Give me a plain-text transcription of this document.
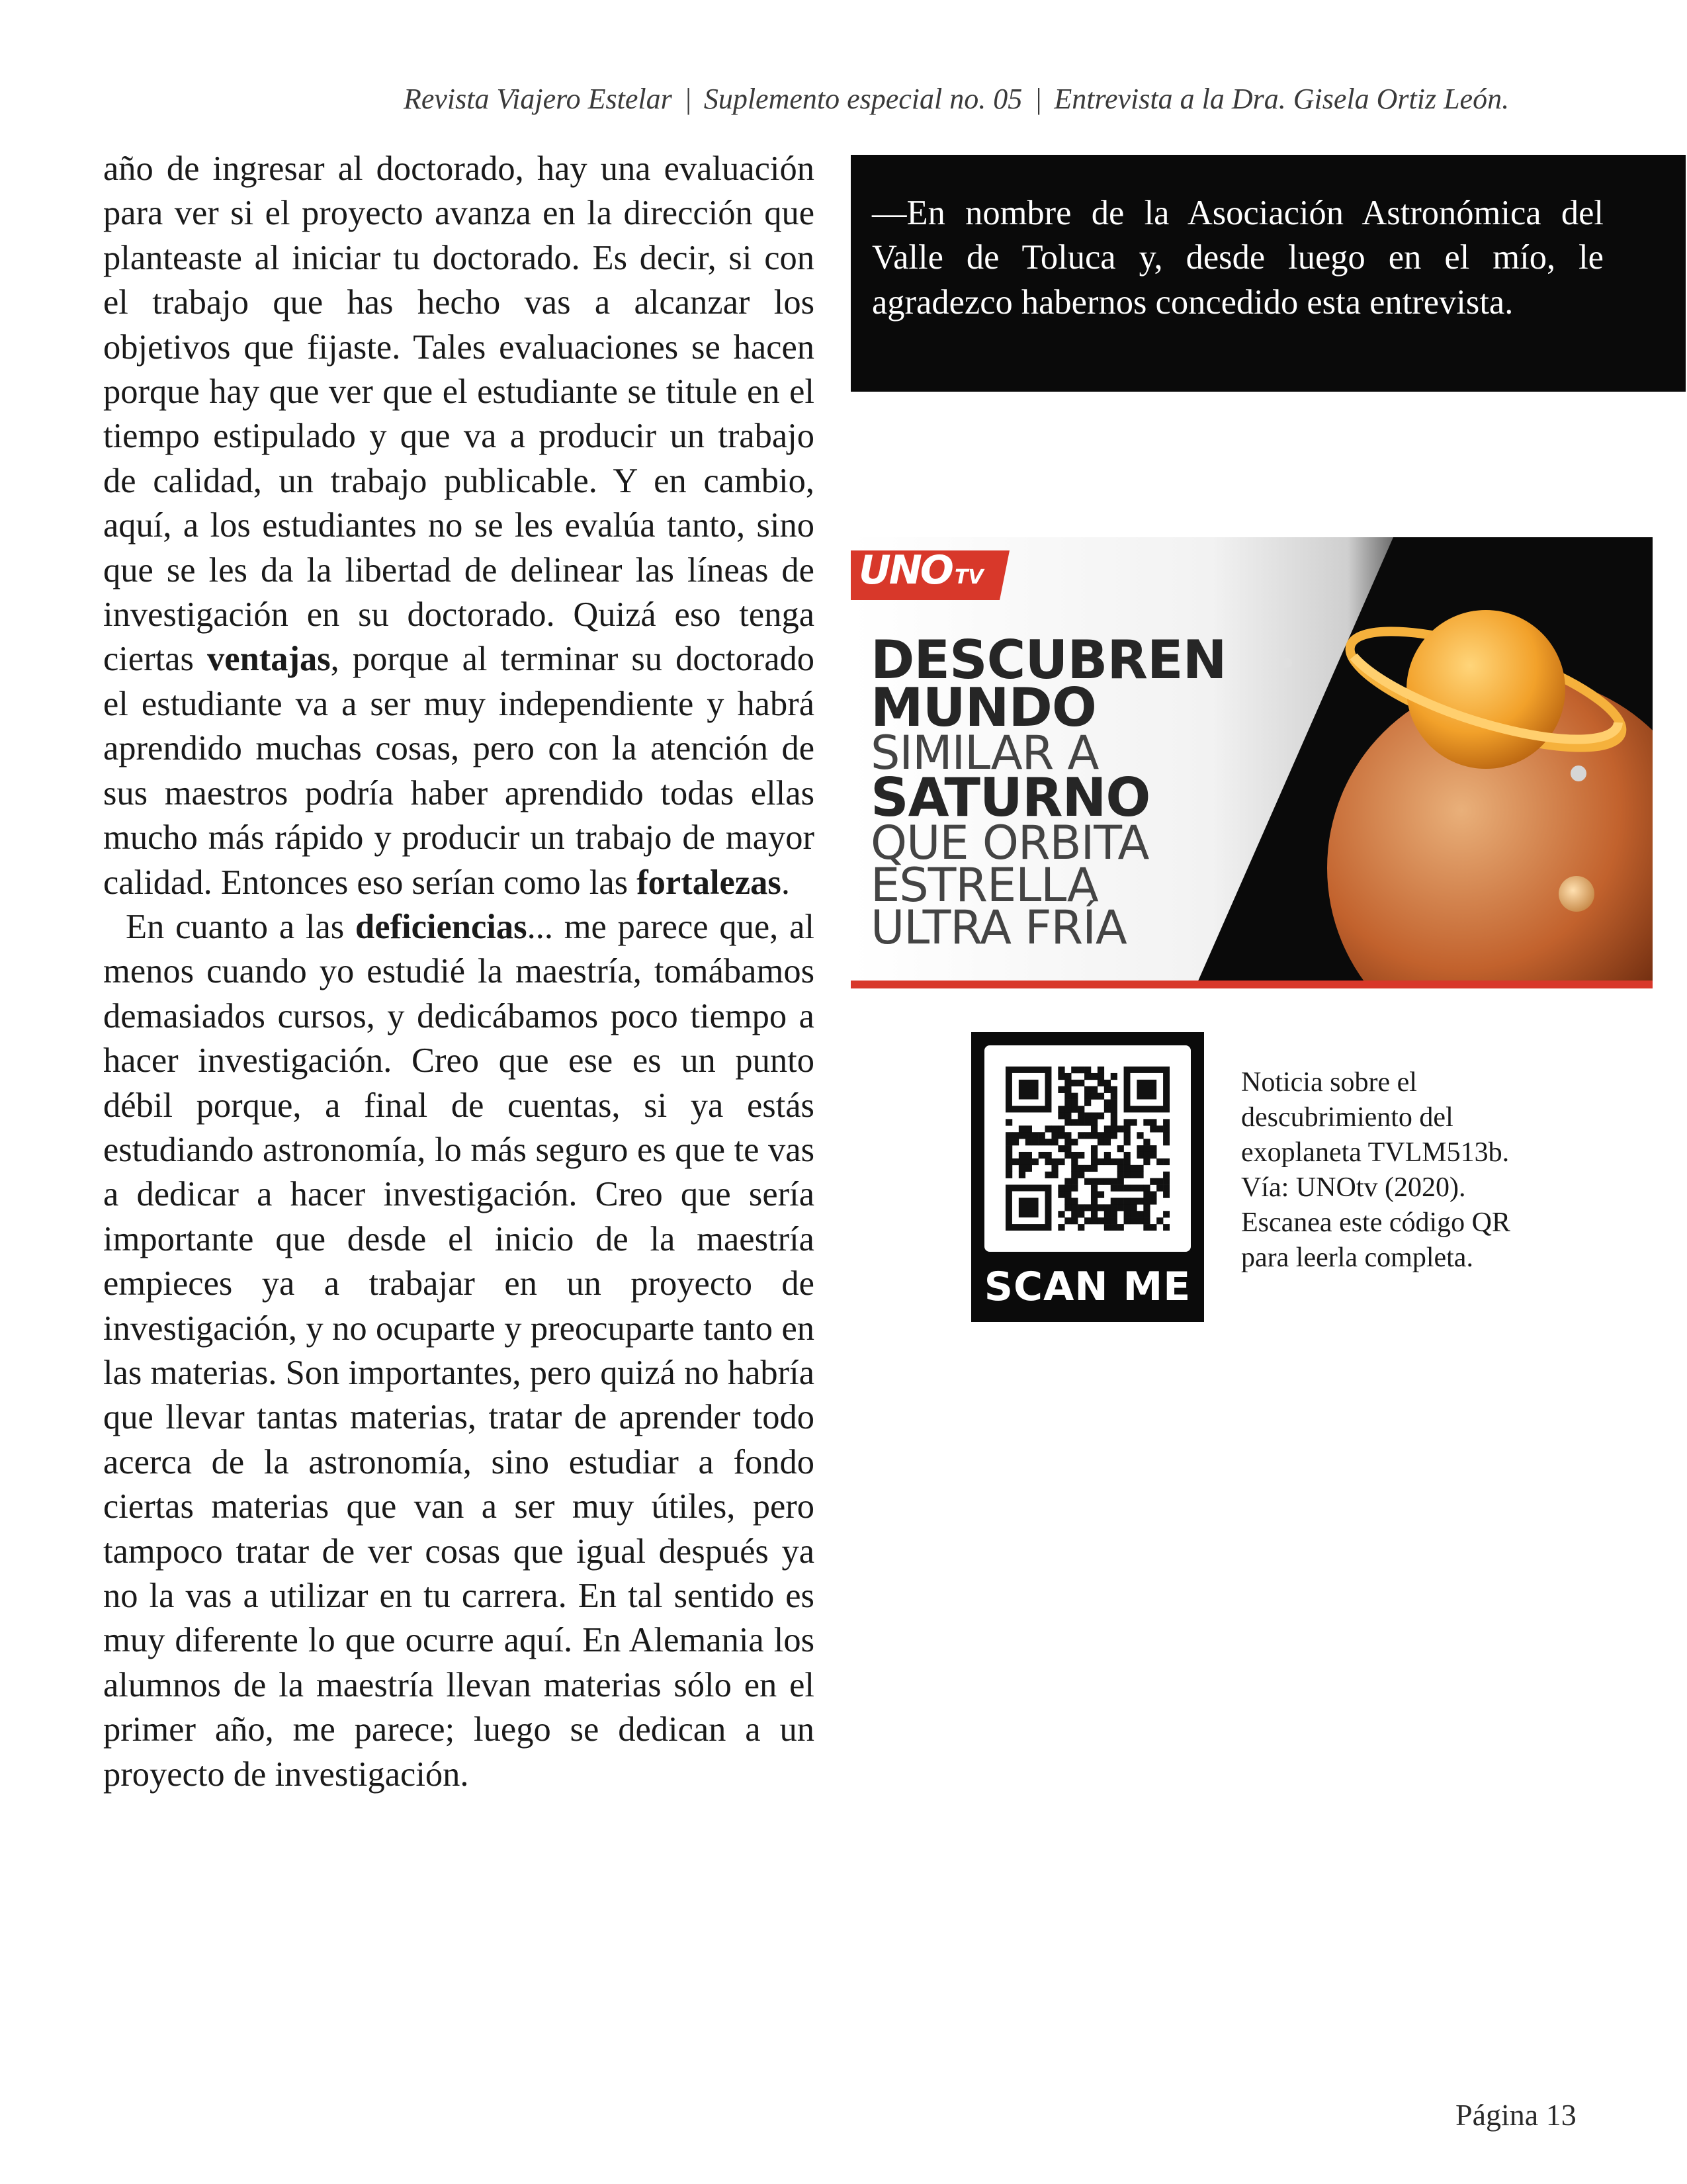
Revista Viajero Estelar | Suplemento especial no. 05 | Entrevista a la Dra. Gisela Ortiz León.

año de ingresar al doctorado, hay una evaluación para ver si el proyecto avanza en la dirección que planteaste al iniciar tu doctorado. Es decir, si con el trabajo que has hecho vas a alcanzar los objetivos que fijaste. Tales evaluaciones se hacen porque hay que ver que el estudiante se titule en el tiempo estipulado y que va a producir un trabajo de calidad, un trabajo publicable. Y en cambio, aquí, a los estudiantes no se les evalúa tanto, sino que se les da la libertad de delinear las líneas de investigación en su doctorado. Quizá eso tenga ciertas ventajas, porque al terminar su doctorado el estudiante va a ser muy independiente y habrá aprendido muchas cosas, pero con la atención de sus maestros podría haber aprendido todas ellas mucho más rápido y producir un trabajo de mayor calidad. Entonces eso serían como las fortalezas.

En cuanto a las deficiencias... me parece que, al menos cuando yo estudié la maestría, tomábamos demasiados cursos, y dedicábamos poco tiempo a hacer investigación. Creo que ese es un punto débil porque, a final de cuentas, si ya estás estudiando astronomía, lo más seguro es que te vas a dedicar a hacer investigación. Creo que sería importante que desde el inicio de la maestría empieces ya a trabajar en un proyecto de investigación, y no ocuparte y preocuparte tanto en las materias. Son importantes, pero quizá no habría que llevar tantas materias, tratar de aprender todo acerca de la astronomía, sino estudiar a fondo ciertas materias que van a ser muy útiles, pero tampoco tratar de ver cosas que igual después ya no la vas a utilizar en tu carrera. En tal sentido es muy diferente lo que ocurre aquí. En Alemania los alumnos de la maestría llevan materias sólo en el primer año, me parece; luego se dedican a un proyecto de investigación.

—En nombre de la Asociación Astronómica del Valle de Toluca y, desde luego en el mío, le agradezco habernos concedido esta entrevista.
UNO TV
DESCUBREN
MUNDO
SIMILAR A
SATURNO
QUE ORBITA
ESTRELLA
ULTRA FRÍA
SCAN ME
Noticia sobre el
descubrimiento del
exoplaneta TVLM513b.
Vía: UNOtv (2020).
Escanea este código QR
para leerla completa.
Página 13
